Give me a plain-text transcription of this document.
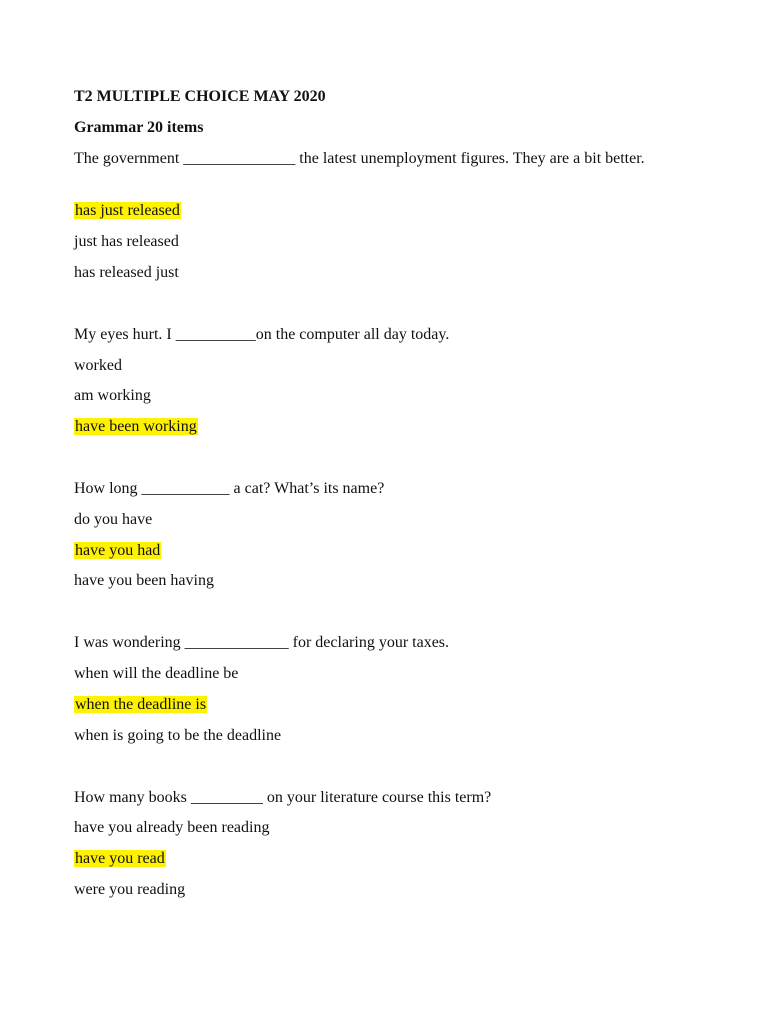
T2 MULTIPLE CHOICE MAY 2020

Grammar 20 items

The government ______________ the latest unemployment figures. They are a bit better.

has just released

just has released

has released just

My eyes hurt. I __________on the computer all day today.

worked

am working

have been working

How long ___________ a cat? What’s its name?

do you have

have you had

have you been having

I was wondering _____________ for declaring your taxes.

when will the deadline be

when the deadline is

when is going to be the deadline

How many books _________ on your literature course this term?

have you already been reading

have you read

were you reading
